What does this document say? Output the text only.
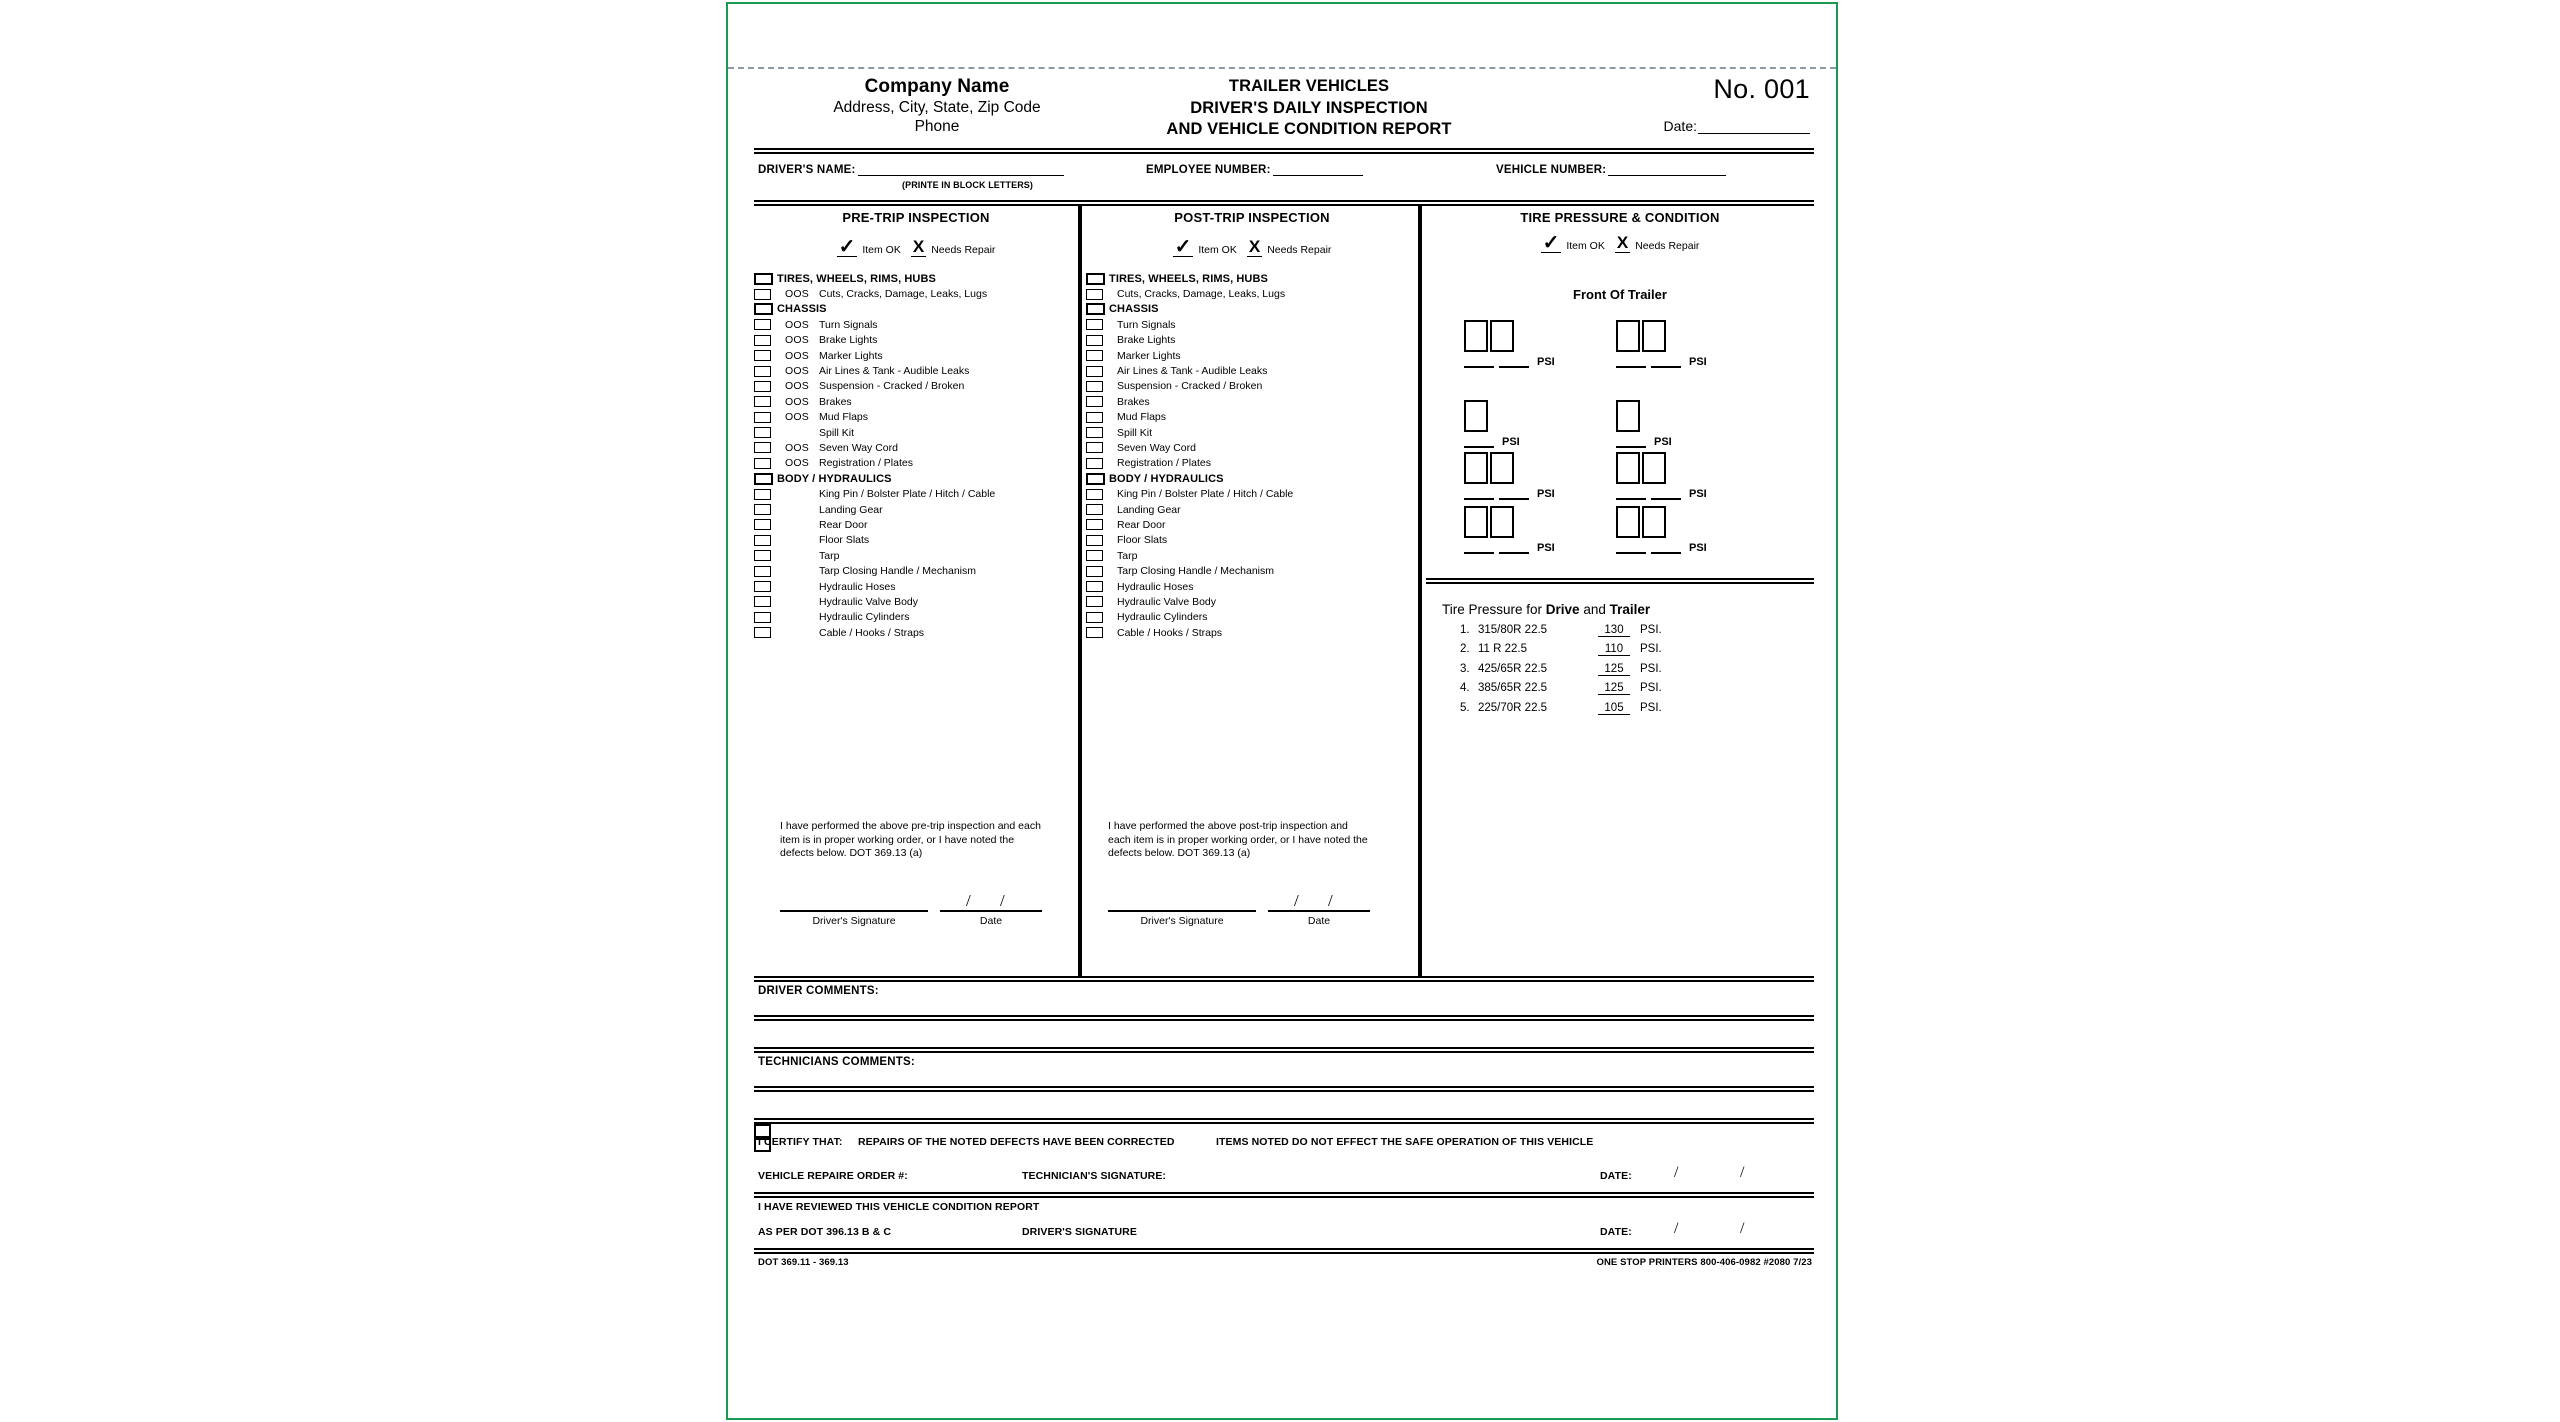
Company Name
Address, City, State, Zip Code
Phone
TRAILER VEHICLES
DRIVER'S DAILY INSPECTION
AND VEHICLE CONDITION REPORT
No. 001
Date:
DRIVER'S NAME:
(PRINTE IN BLOCK LETTERS)
EMPLOYEE NUMBER:	VEHICLE NUMBER:
PRE-TRIP INSPECTION
✓ Item OK X Needs Repair
TIRES, WHEELS, RIMS, HUBS
OOS Cuts, Cracks, Damage, Leaks, Lugs
CHASSIS
OOS Turn Signals
OOS Brake Lights
OOS Marker Lights
OOS Air Lines & Tank - Audible Leaks
OOS Suspension - Cracked / Broken
OOS Brakes
OOS Mud Flaps
Spill Kit
OOS Seven Way Cord
OOS Registration / Plates
BODY / HYDRAULICS
King Pin / Bolster Plate / Hitch / Cable
Landing Gear
Rear Door
Floor Slats
Tarp
Tarp Closing Handle / Mechanism
Hydraulic Hoses
Hydraulic Valve Body
Hydraulic Cylinders
Cable / Hooks / Straps
I have performed the above pre-trip inspection and each item is in proper working order, or I have noted the defects below. DOT 369.13 (a)
Driver's Signature
/ /
Date
POST-TRIP INSPECTION
✓ Item OK X Needs Repair
TIRES, WHEELS, RIMS, HUBS
Cuts, Cracks, Damage, Leaks, Lugs
CHASSIS
Turn Signals
Brake Lights
Marker Lights
Air Lines & Tank - Audible Leaks
Suspension - Cracked / Broken
Brakes
Mud Flaps
Spill Kit
Seven Way Cord
Registration / Plates
BODY / HYDRAULICS
King Pin / Bolster Plate / Hitch / Cable
Landing Gear
Rear Door
Floor Slats
Tarp
Tarp Closing Handle / Mechanism
Hydraulic Hoses
Hydraulic Valve Body
Hydraulic Cylinders
Cable / Hooks / Straps
I have performed the above post-trip inspection and each item is in proper working order, or I have noted the defects below. DOT 369.13 (a)
Driver's Signature
/ /
Date
TIRE PRESSURE & CONDITION
✓ Item OK X Needs Repair
Front Of Trailer
PSI	PSI
PSI	PSI
PSI	PSI
PSI	PSI
Tire Pressure for Drive and Trailer
1. 315/80R 22.5	130	PSI.
2. 11 R 22.5	110	PSI.
3. 425/65R 22.5	125	PSI.
4. 385/65R 22.5	125	PSI.
5. 225/70R 22.5	105	PSI.
DRIVER COMMENTS:
TECHNICIANS COMMENTS:
I CERTIFY THAT: REPAIRS OF THE NOTED DEFECTS HAVE BEEN CORRECTED	ITEMS NOTED DO NOT EFFECT THE SAFE OPERATION OF THIS VEHICLE
VEHICLE REPAIRE ORDER #:	TECHNICIAN'S SIGNATURE:	DATE:	/	/
I HAVE REVIEWED THIS VEHICLE CONDITION REPORT
AS PER DOT 396.13 B & C	DRIVER'S SIGNATURE	DATE:	/	/
DOT 369.11 - 369.13	ONE STOP PRINTERS 800-406-0982 #2080 7/23
